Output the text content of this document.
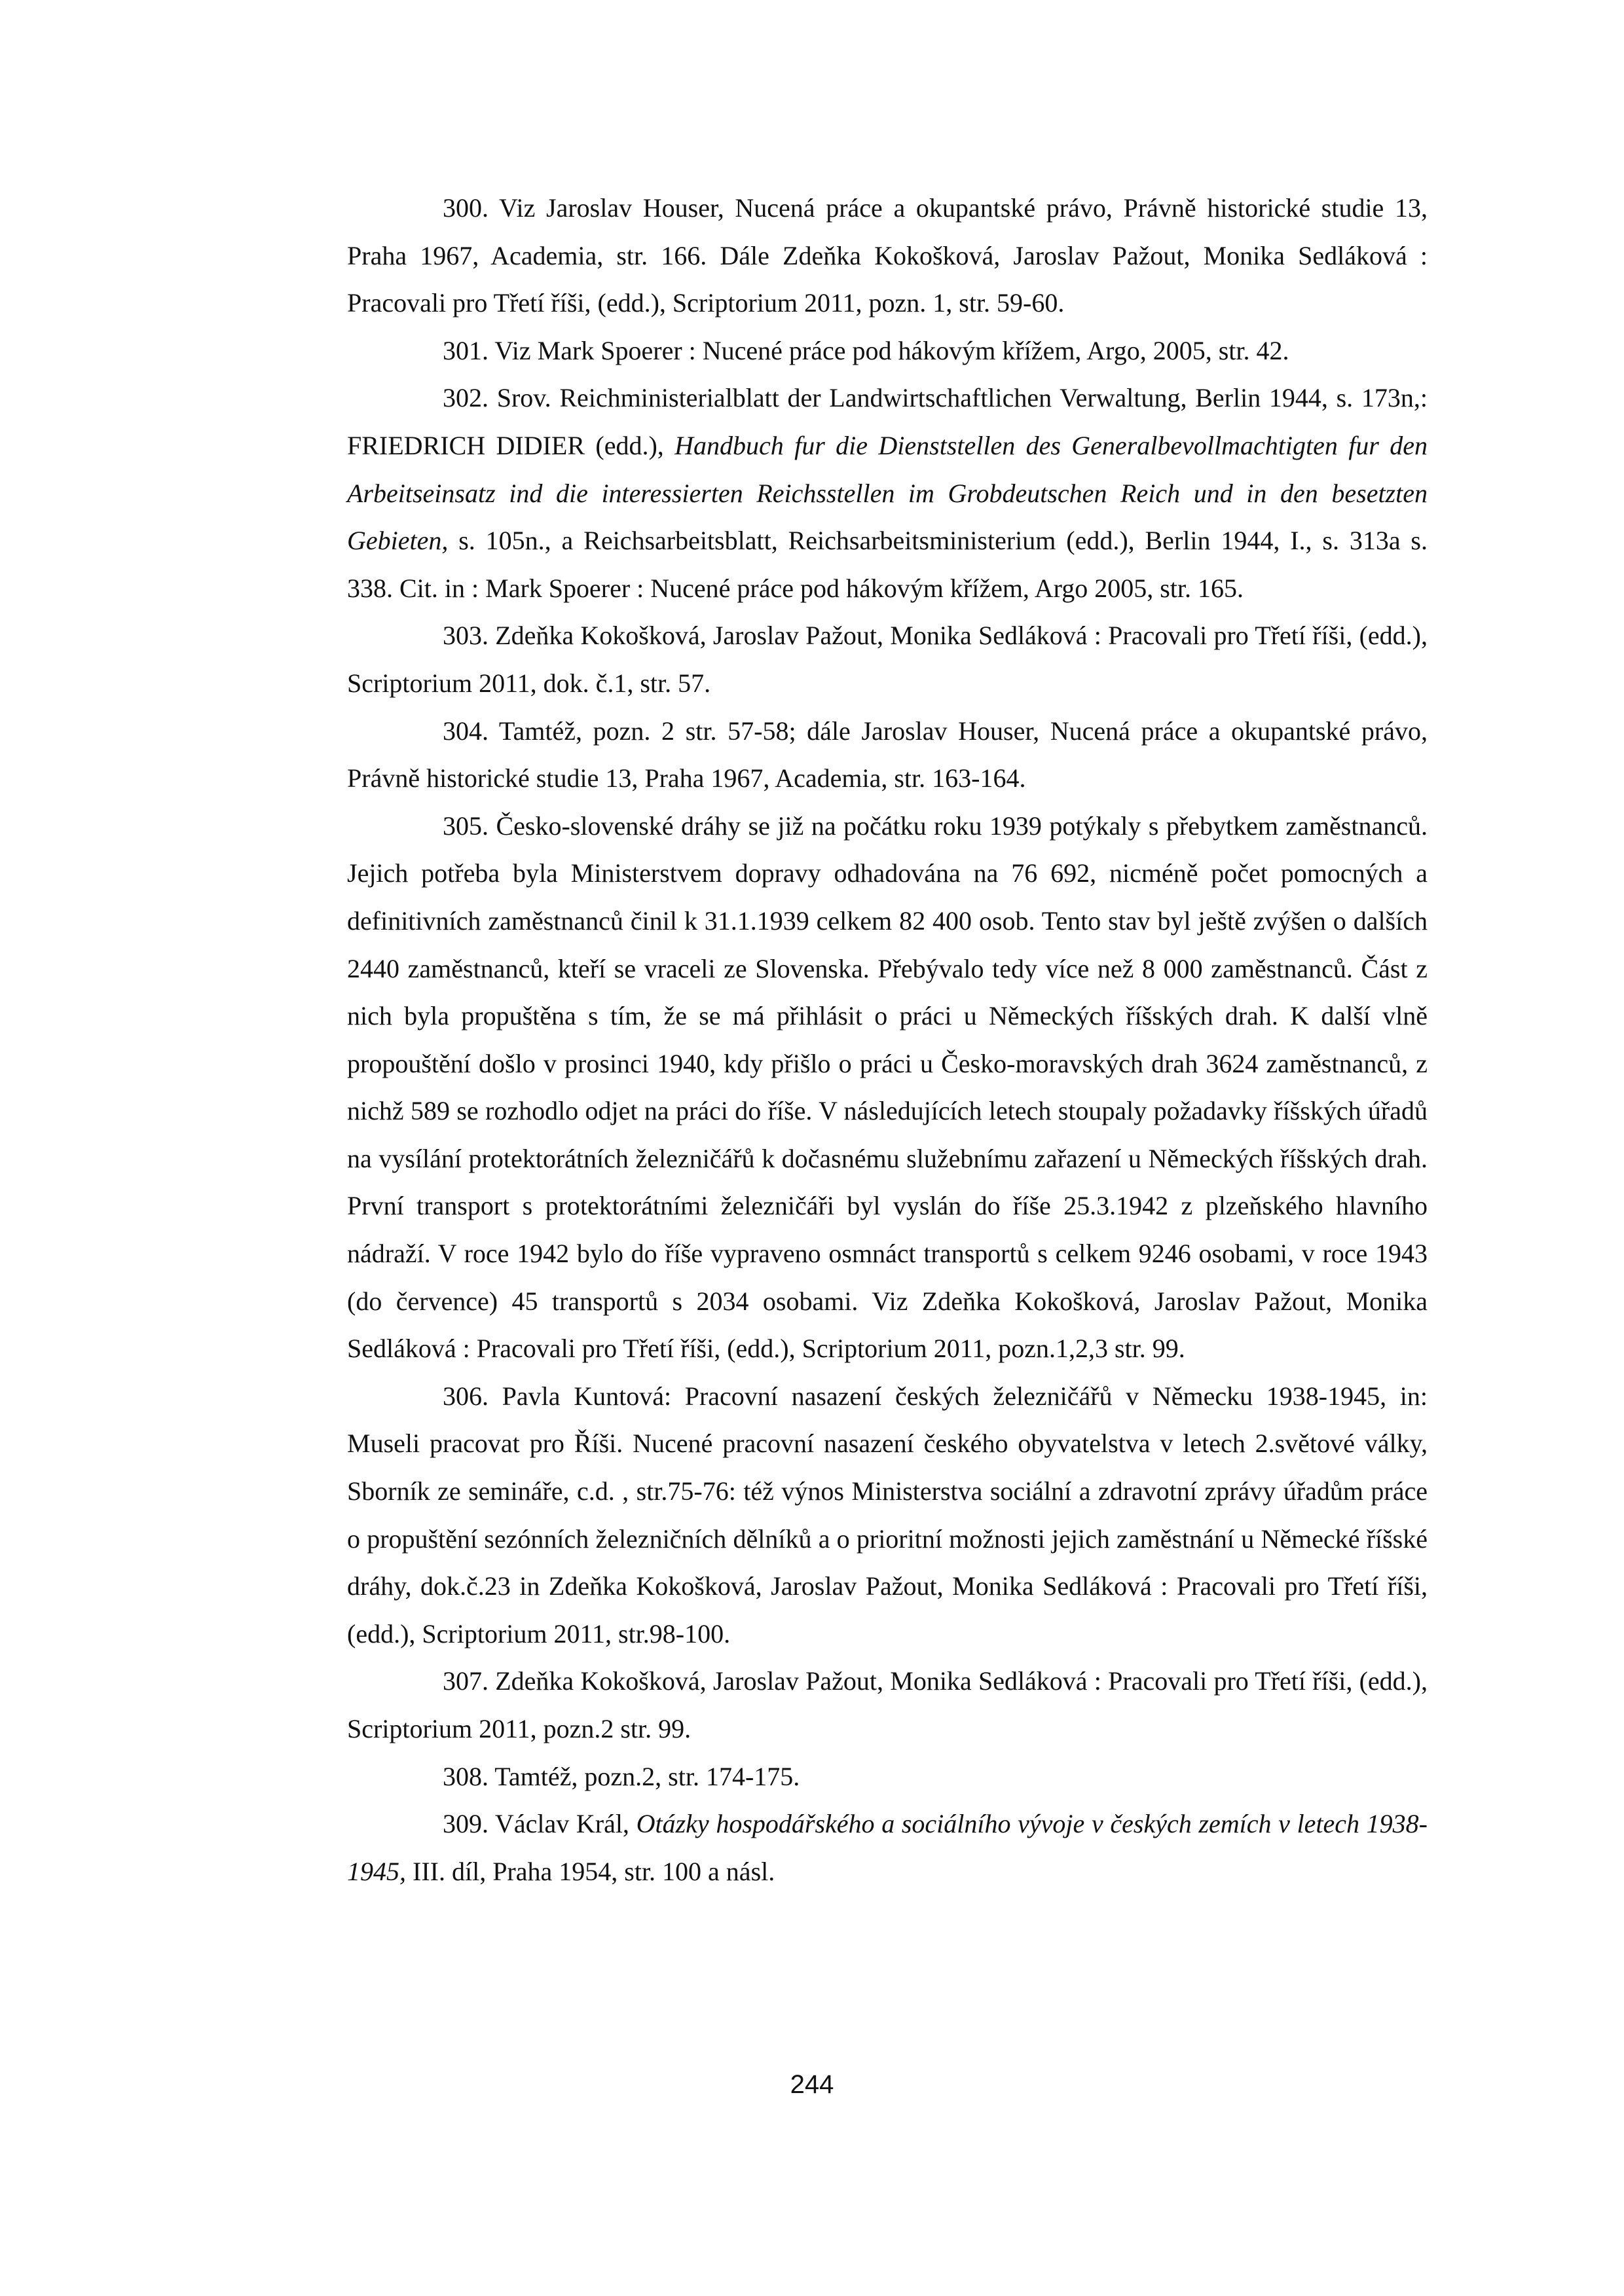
300. Viz Jaroslav Houser, Nucená práce a okupantské právo, Právně historické studie 13, Praha 1967, Academia, str. 166. Dále Zdeňka Kokošková, Jaroslav Pažout, Monika Sedláková : Pracovali pro Třetí říši, (edd.), Scriptorium 2011, pozn. 1, str. 59-60.

301. Viz Mark Spoerer : Nucené práce pod hákovým křížem, Argo, 2005, str. 42.

302. Srov. Reichministerialblatt der Landwirtschaftlichen Verwaltung, Berlin 1944, s. 173n,: FRIEDRICH DIDIER (edd.), Handbuch fur die Dienststellen des Generalbevollmachtigten fur den Arbeitseinsatz ind die interessierten Reichsstellen im Grobdeutschen Reich und in den besetzten Gebieten, s. 105n., a Reichsarbeitsblatt, Reichsarbeitsministerium (edd.), Berlin 1944, I., s. 313a s. 338. Cit. in : Mark Spoerer : Nucené práce pod hákovým křížem, Argo 2005, str. 165.

303. Zdeňka Kokošková, Jaroslav Pažout, Monika Sedláková : Pracovali pro Třetí říši, (edd.), Scriptorium 2011, dok. č.1, str. 57.

304. Tamtéž, pozn. 2 str. 57-58; dále Jaroslav Houser, Nucená práce a okupantské právo, Právně historické studie 13, Praha 1967, Academia, str. 163-164.

305. Česko-slovenské dráhy se již na počátku roku 1939 potýkaly s přebytkem zaměstnanců. Jejich potřeba byla Ministerstvem dopravy odhadována na 76 692, nicméně počet pomocných a definitivních zaměstnanců činil k 31.1.1939 celkem 82 400 osob. Tento stav byl ještě zvýšen o dalších 2440 zaměstnanců, kteří se vraceli ze Slovenska. Přebývalo tedy více než 8 000 zaměstnanců. Část z nich byla propuštěna s tím, že se má přihlásit o práci u Německých říšských drah. K další vlně propouštění došlo v prosinci 1940, kdy přišlo o práci u Česko-moravských drah 3624 zaměstnanců, z nichž 589 se rozhodlo odjet na práci do říše. V následujících letech stoupaly požadavky říšských úřadů na vysílání protektorátních železničářů k dočasnému služebnímu zařazení u Německých říšských drah. První transport s protektorátními železničáři byl vyslán do říše 25.3.1942 z plzeňského hlavního nádraží. V roce 1942 bylo do říše vypraveno osmnáct transportů s celkem 9246 osobami, v roce 1943 (do července) 45 transportů s 2034 osobami. Viz Zdeňka Kokošková, Jaroslav Pažout, Monika Sedláková : Pracovali pro Třetí říši, (edd.), Scriptorium 2011, pozn.1,2,3 str. 99.

306. Pavla Kuntová: Pracovní nasazení českých železničářů v Německu 1938-1945, in: Museli pracovat pro Říši. Nucené pracovní nasazení českého obyvatelstva v letech 2.světové války, Sborník ze semináře, c.d. , str.75-76: též výnos Ministerstva sociální a zdravotní zprávy úřadům práce o propuštění sezónních železničních dělníků a o prioritní možnosti jejich zaměstnání u Německé říšské dráhy, dok.č.23 in Zdeňka Kokošková, Jaroslav Pažout, Monika Sedláková : Pracovali pro Třetí říši, (edd.), Scriptorium 2011, str.98-100.

307. Zdeňka Kokošková, Jaroslav Pažout, Monika Sedláková : Pracovali pro Třetí říši, (edd.), Scriptorium 2011, pozn.2 str. 99.

308. Tamtéž, pozn.2, str. 174-175.

309. Václav Král, Otázky hospodářského a sociálního vývoje v českých zemích v letech 1938-1945, III. díl, Praha 1954, str. 100 a násl.

244
